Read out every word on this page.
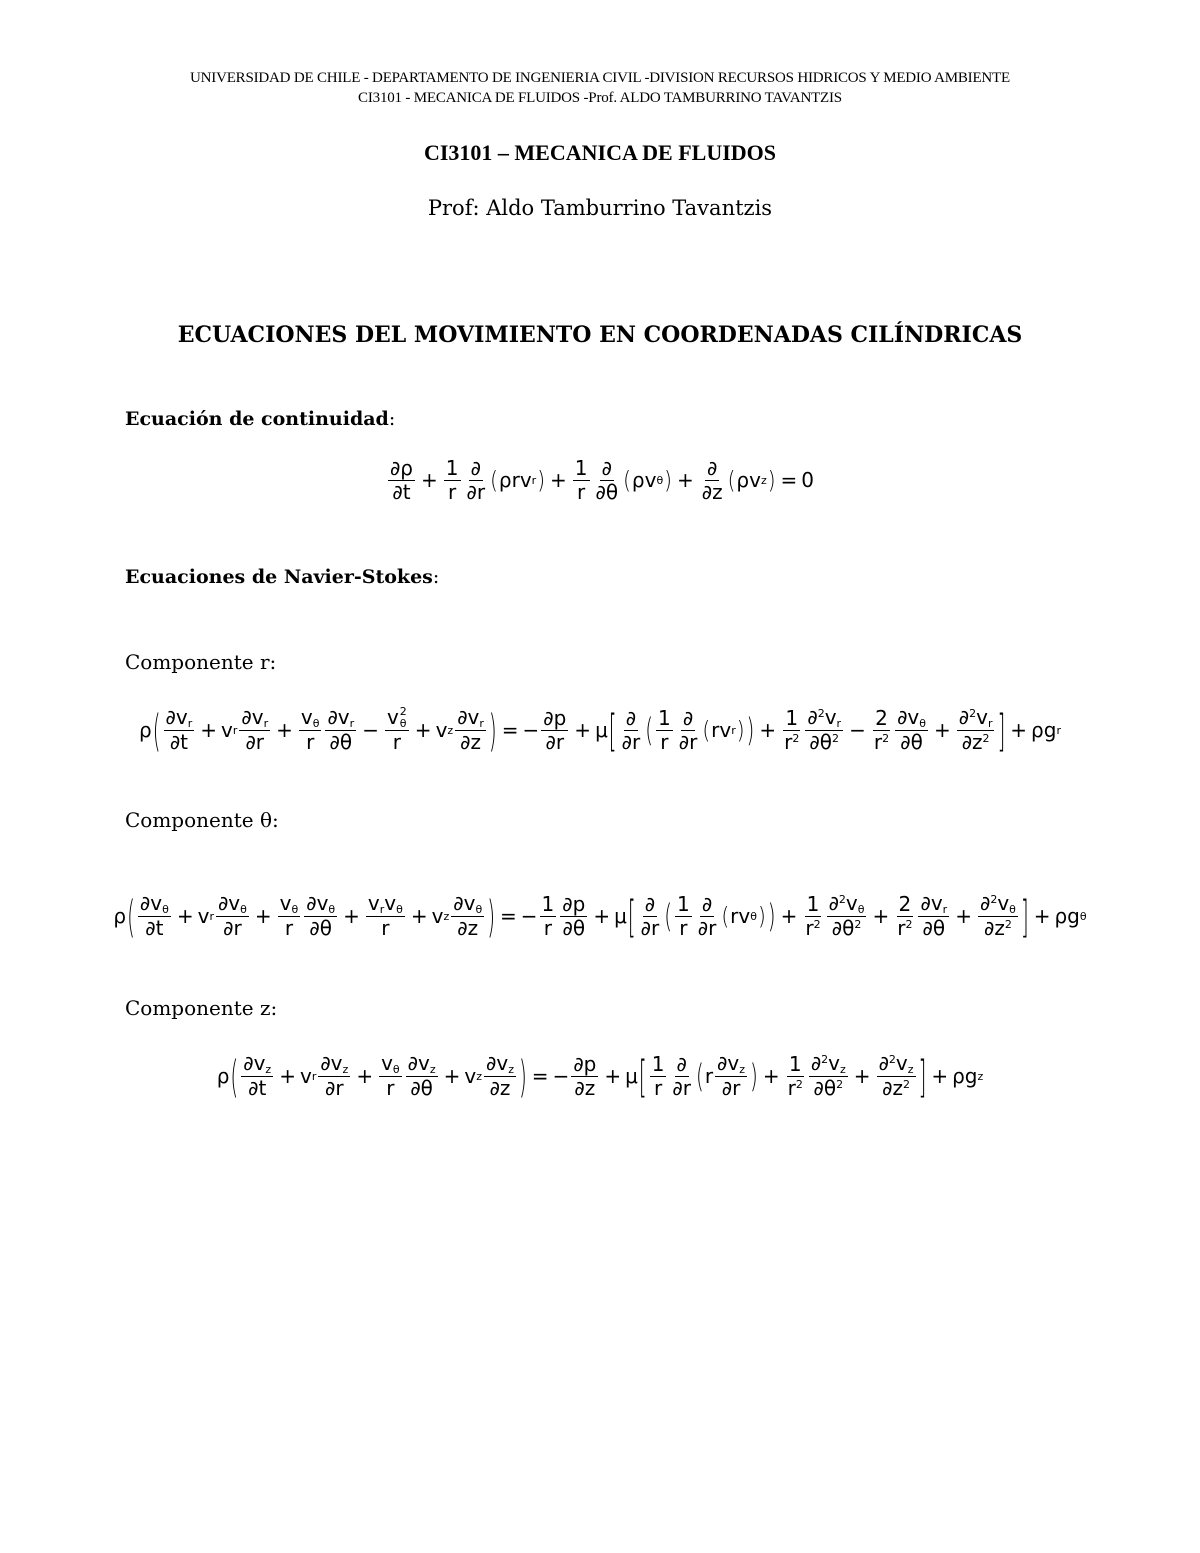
UNIVERSIDAD DE CHILE - DEPARTAMENTO DE INGENIERIA CIVIL -DIVISION RECURSOS HIDRICOS Y MEDIO AMBIENTE
CI3101 - MECANICA DE FLUIDOS -Prof. ALDO TAMBURRINO TAVANTZIS
CI3101 – MECANICA DE FLUIDOS
Prof: Aldo Tamburrino Tavantzis
ECUACIONES DEL MOVIMIENTO EN COORDENADAS CILÍNDRICAS
Ecuación de continuidad:
∂ρ
$\partial t + \frac{1}{r}$ ∂
∂r ( ρrv r ) + $\frac{1}{r}$ ∂
∂θ ( ρv θ ) +
∂
∂z ( ρv z ) = 0
Ecuaciones de Navier-Stokes:
Componente r:
ρ ( $\partial v_r$
∂t
+ v r
$\partial v_r$
∂r
+ $\frac{v_\theta}{r} \partial v_r$
∂θ
− v 2
θ
r + v z
$\partial v_r$
∂z ) = − $\frac{\partial p}{\partial r} + \mu$ [ ∂
∂r ( 1
r
∂
∂r ( rv r ) ) + $\frac{1}{r^2} \partial^2v_r$
$\partial\theta^2 - \frac{2}{r^2} \partial v_\theta$
∂θ
+ $\frac{\partial^2v_r}{\partial z^2}$ ] + ρg r
Componente θ:
ρ ( $\partial v_\theta$
∂t
+ v r
$\partial v_\theta$
∂r
+ $\frac{v_\theta}{r} \partial v_\theta$
∂θ
+
$v_rv_\theta$
r
+ v z
$\partial v_\theta$
∂z ) = − $\frac{1}{r} \partial p$
∂θ + μ [ ∂
∂r ( 1
r
∂
∂r ( rv θ ) ) + $\frac{1}{r^2} \partial^2v_\theta$
$\partial\theta^2 + \frac{2}{r^2} \partial v_r$
∂θ
+ $\frac{\partial^2v_\theta}{\partial z^2}$ ] + ρg θ
Componente z:
ρ ( $\partial v_z$
∂t
+ v r
$\partial v_z$
∂r
+ $\frac{v_\theta}{r} \partial v_z$
∂θ
+ v z
$\partial v_z$
∂z ) = − $\frac{\partial p}{\partial z} + \mu$ [ 1
r
∂
∂r ( r
$\partial v_z$
∂r ) + $\frac{1}{r^2} \partial^2v_z$
$\partial\theta^2 + \frac{\partial^2v_z}{\partial z^2}$ ] + ρg z
